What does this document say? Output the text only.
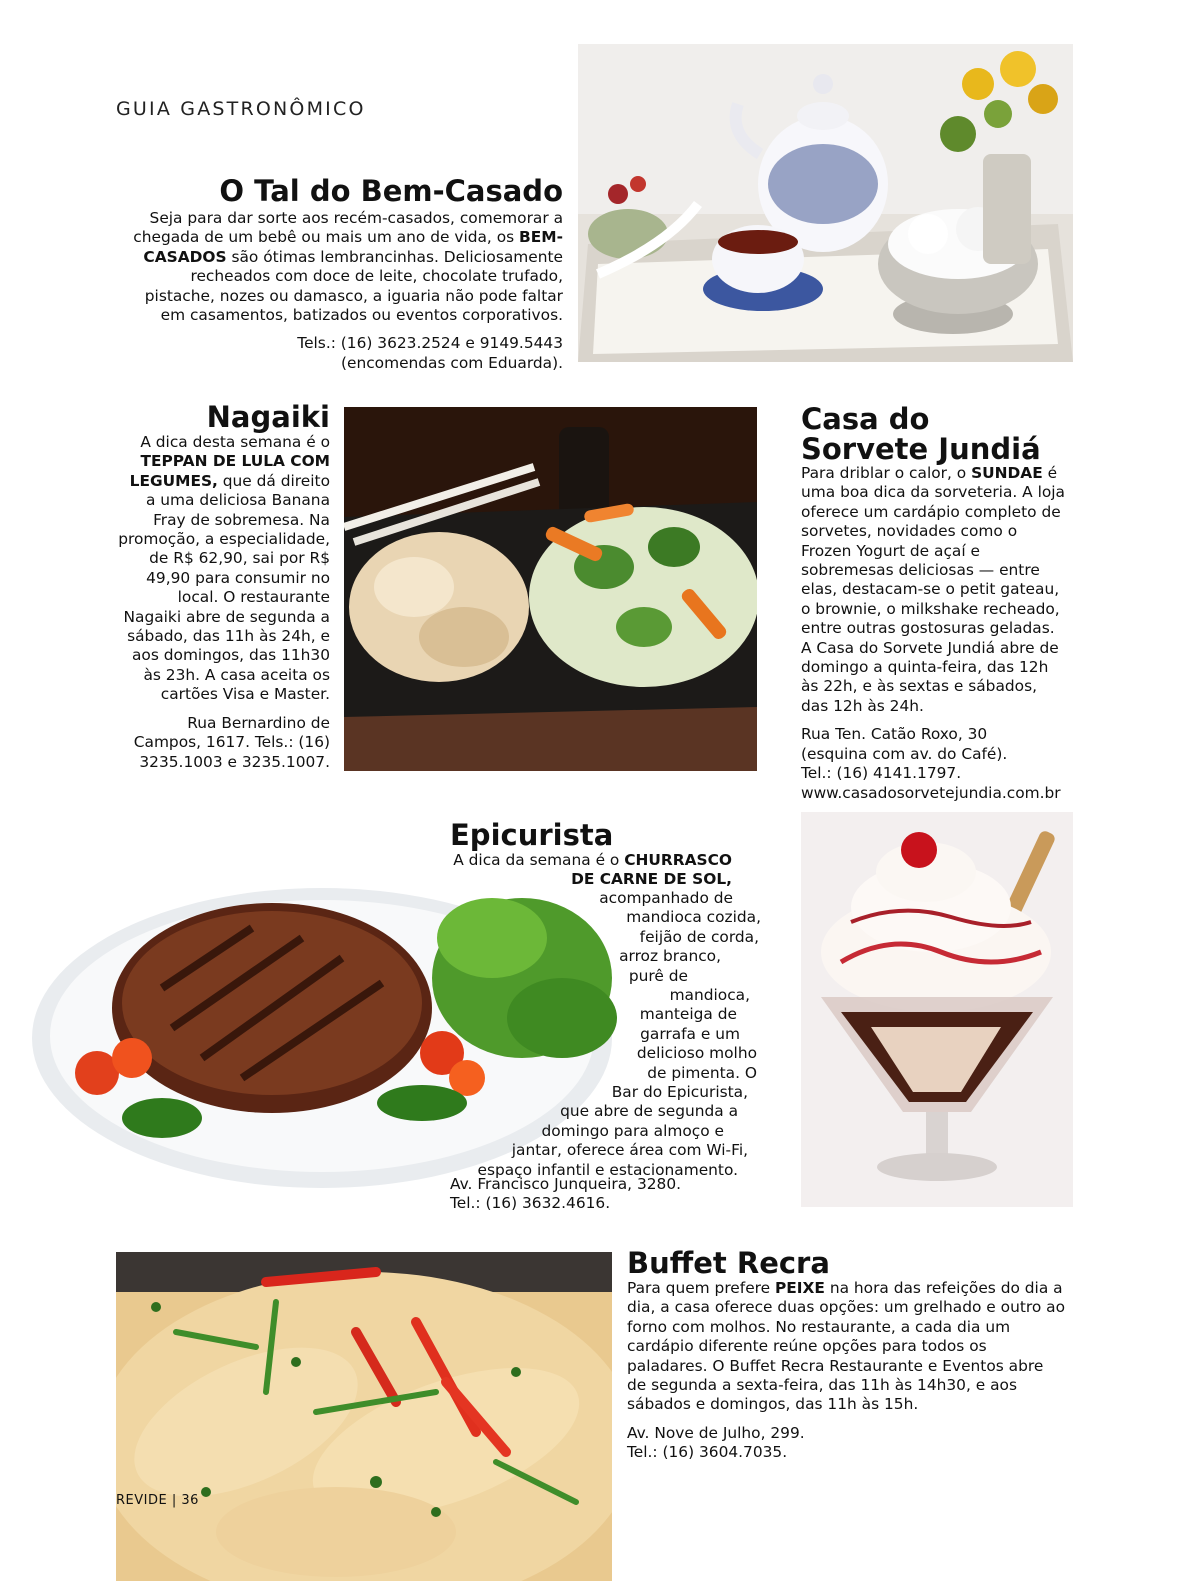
GUIA GASTRONÔMICO
O Tal do Bem-Casado

Seja para dar sorte aos recém-casados, comemorar a chegada de um bebê ou mais um ano de vida, os BEM-CASADOS são ótimas lembrancinhas. Deliciosamente recheados com doce de leite, chocolate trufado, pistache, nozes ou damasco, a iguaria não pode faltar em casamentos, batizados ou eventos corporativos.

Tels.: (16) 3623.2524 e 9149.5443 (encomendas com Eduarda).

Nagaiki

A dica desta semana é o TEPPAN DE LULA COM LEGUMES, que dá direito a uma deliciosa Banana Fray de sobremesa. Na promoção, a especialidade, de R$ 62,90, sai por R$ 49,90 para consumir no local. O restaurante Nagaiki abre de segunda a sábado, das 11h às 24h, e aos domingos, das 11h30 às 23h. A casa aceita os cartões Visa e Master.

Rua Bernardino de Campos, 1617. Tels.: (16) 3235.1003 e 3235.1007.

Casa do
Sorvete Jundiá

Para driblar o calor, o SUNDAE é uma boa dica da sorveteria. A loja oferece um cardápio completo de sorvetes, novidades como o Frozen Yogurt de açaí e sobremesas deliciosas — entre elas, destacam-se o petit gateau, o brownie, o milkshake recheado, entre outras gostosuras geladas. A Casa do Sorvete Jundiá abre de domingo a quinta-feira, das 12h às 22h, e às sextas e sábados, das 12h às 24h.

Rua Ten. Catão Roxo, 30
(esquina com av. do Café).
Tel.: (16) 4141.1797.
www.casadosorvetejundia.com.br

Epicurista

A dica da semana é o CHURRASCO
DE CARNE DE SOL,

acompanhado de
mandioca cozida,
feijão de corda,
arroz branco,
purê de
mandioca,
manteiga de
garrafa e um
delicioso molho
de pimenta. O
Bar do Epicurista,
que abre de segunda a
domingo para almoço e
jantar, oferece área com Wi-Fi,
espaço infantil e estacionamento.
Av. Francisco Junqueira, 3280.
Tel.: (16) 3632.4616.
REVIDE | 36
Buffet Recra

Para quem prefere PEIXE na hora das refeições do dia a dia, a casa oferece duas opções: um grelhado e outro ao forno com molhos. No restaurante, a cada dia um cardápio diferente reúne opções para todos os paladares. O Buffet Recra Restaurante e Eventos abre de segunda a sexta-feira, das 11h às 14h30, e aos sábados e domingos, das 11h às 15h.

Av. Nove de Julho, 299.
Tel.: (16) 3604.7035.
